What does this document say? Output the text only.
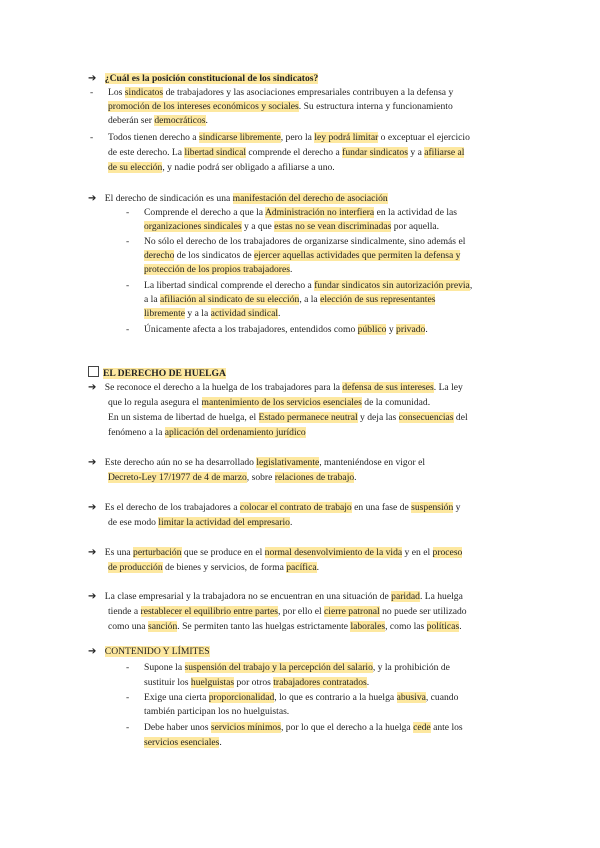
➔ ¿Cuál es la posición constitucional de los sindicatos?
- Los sindicatos de trabajadores y las asociaciones empresariales contribuyen a la defensa y
promoción de los intereses económicos y sociales. Su estructura interna y funcionamiento
deberán ser democráticos.
- Todos tienen derecho a sindicarse libremente, pero la ley podrá limitar o exceptuar el ejercicio
de este derecho. La libertad sindical comprende el derecho a fundar sindicatos y a afiliarse al
de su elección, y nadie podrá ser obligado a afiliarse a uno.
➔ El derecho de sindicación es una manifestación del derecho de asociación
- Comprende el derecho a que la Administración no interfiera en la actividad de las
organizaciones sindicales y a que estas no se vean discriminadas por aquella.
- No sólo el derecho de los trabajadores de organizarse sindicalmente, sino además el
derecho de los sindicatos de ejercer aquellas actividades que permiten la defensa y
protección de los propios trabajadores.
- La libertad sindical comprende el derecho a fundar sindicatos sin autorización previa,
a la afiliación al sindicato de su elección, a la elección de sus representantes
libremente y a la actividad sindical.
- Únicamente afecta a los trabajadores, entendidos como público y privado.
EL DERECHO DE HUELGA
➔ Se reconoce el derecho a la huelga de los trabajadores para la defensa de sus intereses. La ley
que lo regula asegura el mantenimiento de los servicios esenciales de la comunidad.
En un sistema de libertad de huelga, el Estado permanece neutral y deja las consecuencias del
fenómeno a la aplicación del ordenamiento jurídico
➔ Este derecho aún no se ha desarrollado legislativamente, manteniéndose en vigor el
Decreto-Ley 17/1977 de 4 de marzo, sobre relaciones de trabajo.
➔ Es el derecho de los trabajadores a colocar el contrato de trabajo en una fase de suspensión y
de ese modo limitar la actividad del empresario.
➔ Es una perturbación que se produce en el normal desenvolvimiento de la vida y en el proceso
de producción de bienes y servicios, de forma pacífica.
➔ La clase empresarial y la trabajadora no se encuentran en una situación de paridad. La huelga
tiende a restablecer el equilibrio entre partes, por ello el cierre patronal no puede ser utilizado
como una sanción. Se permiten tanto las huelgas estrictamente laborales, como las políticas.
➔ CONTENIDO Y LÍMITES
- Supone la suspensión del trabajo y la percepción del salario, y la prohibición de
sustituir los huelguistas por otros trabajadores contratados.
- Exige una cierta proporcionalidad, lo que es contrario a la huelga abusiva, cuando
también participan los no huelguistas.
- Debe haber unos servicios mínimos, por lo que el derecho a la huelga cede ante los
servicios esenciales.
